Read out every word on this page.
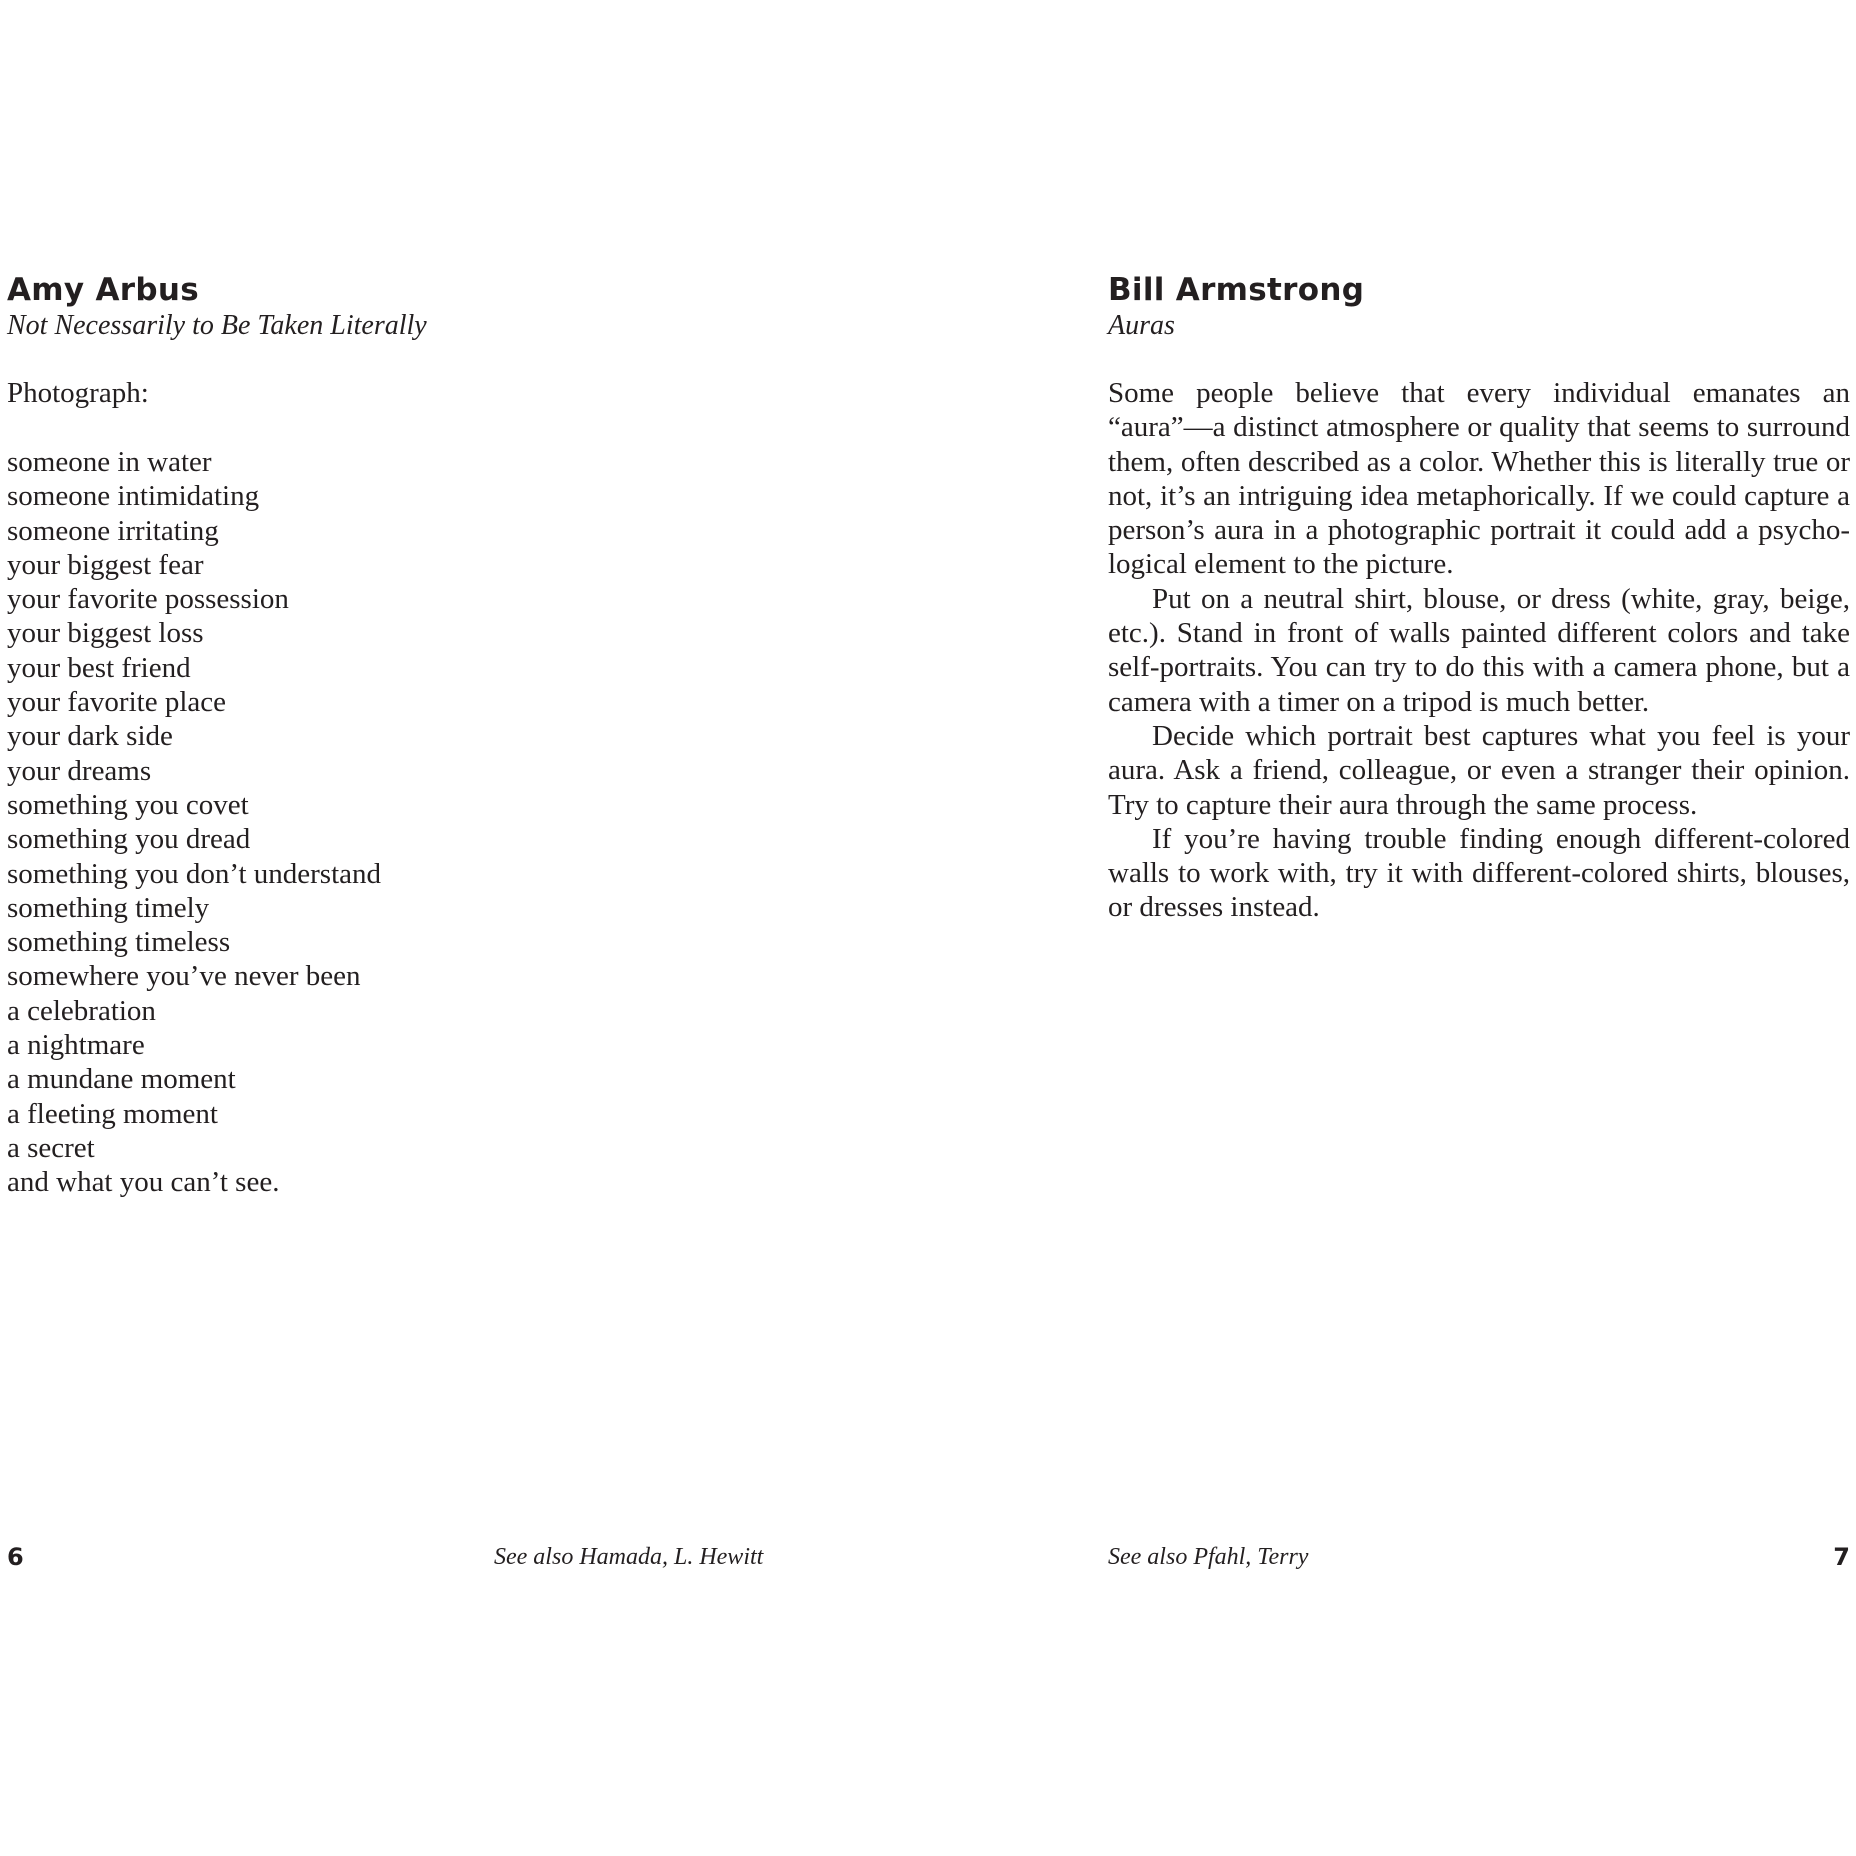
Amy Arbus
Not Necessarily to Be Taken Literally

Photograph:

someone in water
someone intimidating
someone irritating
your biggest fear
your favorite possession
your biggest loss
your best friend
your favorite place
your dark side
your dreams
something you covet
something you dread
something you don’t understand
something timely
something timeless
somewhere you’ve never been
a celebration
a nightmare
a mundane moment
a fleeting moment
a secret
and what you can’t see.
6	See also Hamada, L. Hewitt
Bill Armstrong
Auras

Some people believe that every individual emanates an “aura”—a distinct atmosphere or quality that seems to surround them, often described as a color. Whether this is literally true or not, it’s an intriguing idea metaphorically. If we could capture a person’s aura in a photographic portrait it could add a psychological element to the picture.

Put on a neutral shirt, blouse, or dress (white, gray, beige, etc.). Stand in front of walls painted different colors and take self-portraits. You can try to do this with a camera phone, but a camera with a timer on a tripod is much better.

Decide which portrait best captures what you feel is your aura. Ask a friend, colleague, or even a stranger their opinion. Try to capture their aura through the same process.

If you’re having trouble finding enough different-colored walls to work with, try it with different-colored shirts, blouses, or dresses instead.

See also Pfahl, Terry	7
